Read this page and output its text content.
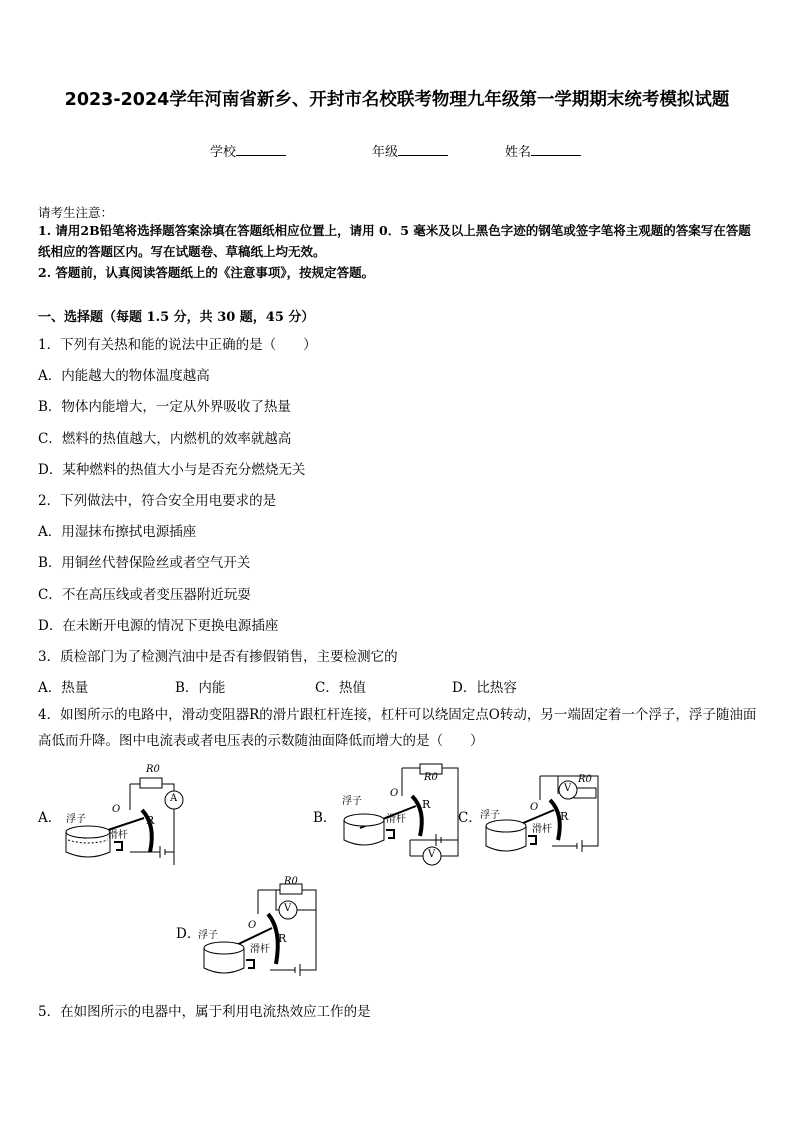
2023-2024学年河南省新乡、开封市名校联考物理九年级第一学期期末统考模拟试题
学校	年级	姓名
请考生注意：
1. 请用2B铅笔将选择题答案涂填在答题纸相应位置上，请用 0．5 毫米及以上黑色字迹的钢笔或签字笔将主观题的答案写在答题纸相应的答题区内。写在试题卷、草稿纸上均无效。
2. 答题前，认真阅读答题纸上的《注意事项》，按规定答题。
一、选择题（每题 1.5 分，共 30 题，45 分）
1．下列有关热和能的说法中正确的是（　　）
A．内能越大的物体温度越高
B．物体内能增大，一定从外界吸收了热量
C．燃料的热值越大，内燃机的效率就越高
D．某种燃料的热值大小与是否充分燃烧无关
2．下列做法中，符合安全用电要求的是
A．用湿抹布擦拭电源插座
B．用铜丝代替保险丝或者空气开关
C．不在高压线或者变压器附近玩耍
D．在未断开电源的情况下更换电源插座
3．质检部门为了检测汽油中是否有掺假销售，主要检测它的
A．热量	B．内能	C．热值	D．比热容
4．如图所示的电路中，滑动变阻器R的滑片跟杠杆连接，杠杆可以绕固定点O转动，另一端固定着一个浮子，浮子随油面高低而升降。图中电流表或者电压表的示数随油面降低而增大的是（　　）
A． 浮子
O
滑杆
R
R0
A
B．
浮子
O
滑杆
R
R0
V
C．
浮子
O
滑杆
R
R0
V
D．
浮子
O
滑杆
R
R0
V
5．在如图所示的电器中，属于利用电流热效应工作的是
